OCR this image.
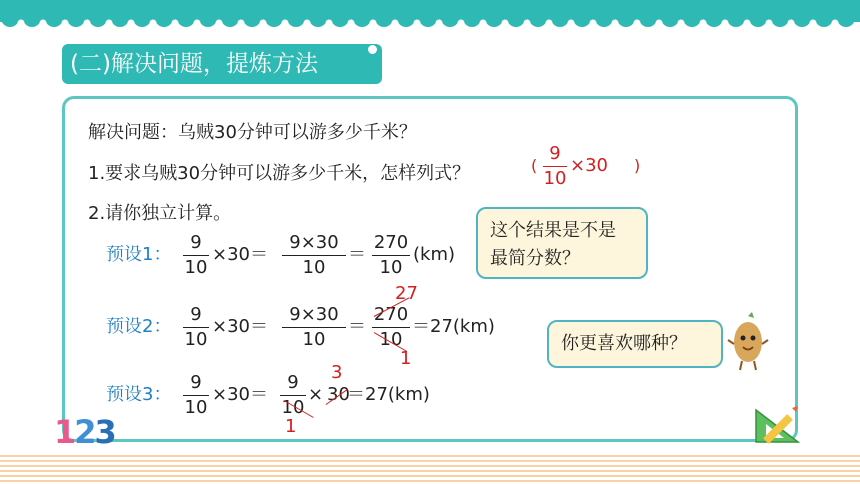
(二)解决问题，提炼方法
解决问题：乌贼30分钟可以游多少千米？
1.要求乌贼30分钟可以游多少千米，怎样列式？	(
9
10
×30 )
2.请你独立计算。
预设1：
9
10
×30＝
9×30
10
＝
270
10
(km)
预设2：
9
10
×30＝
9×30
10
＝
270
10
27
1
＝27(km)
预设3：
9
10
×30＝
9
10
× 30
3
1
＝27(km)
这个结果是不是
最简分数？
你更喜欢哪种？
123
